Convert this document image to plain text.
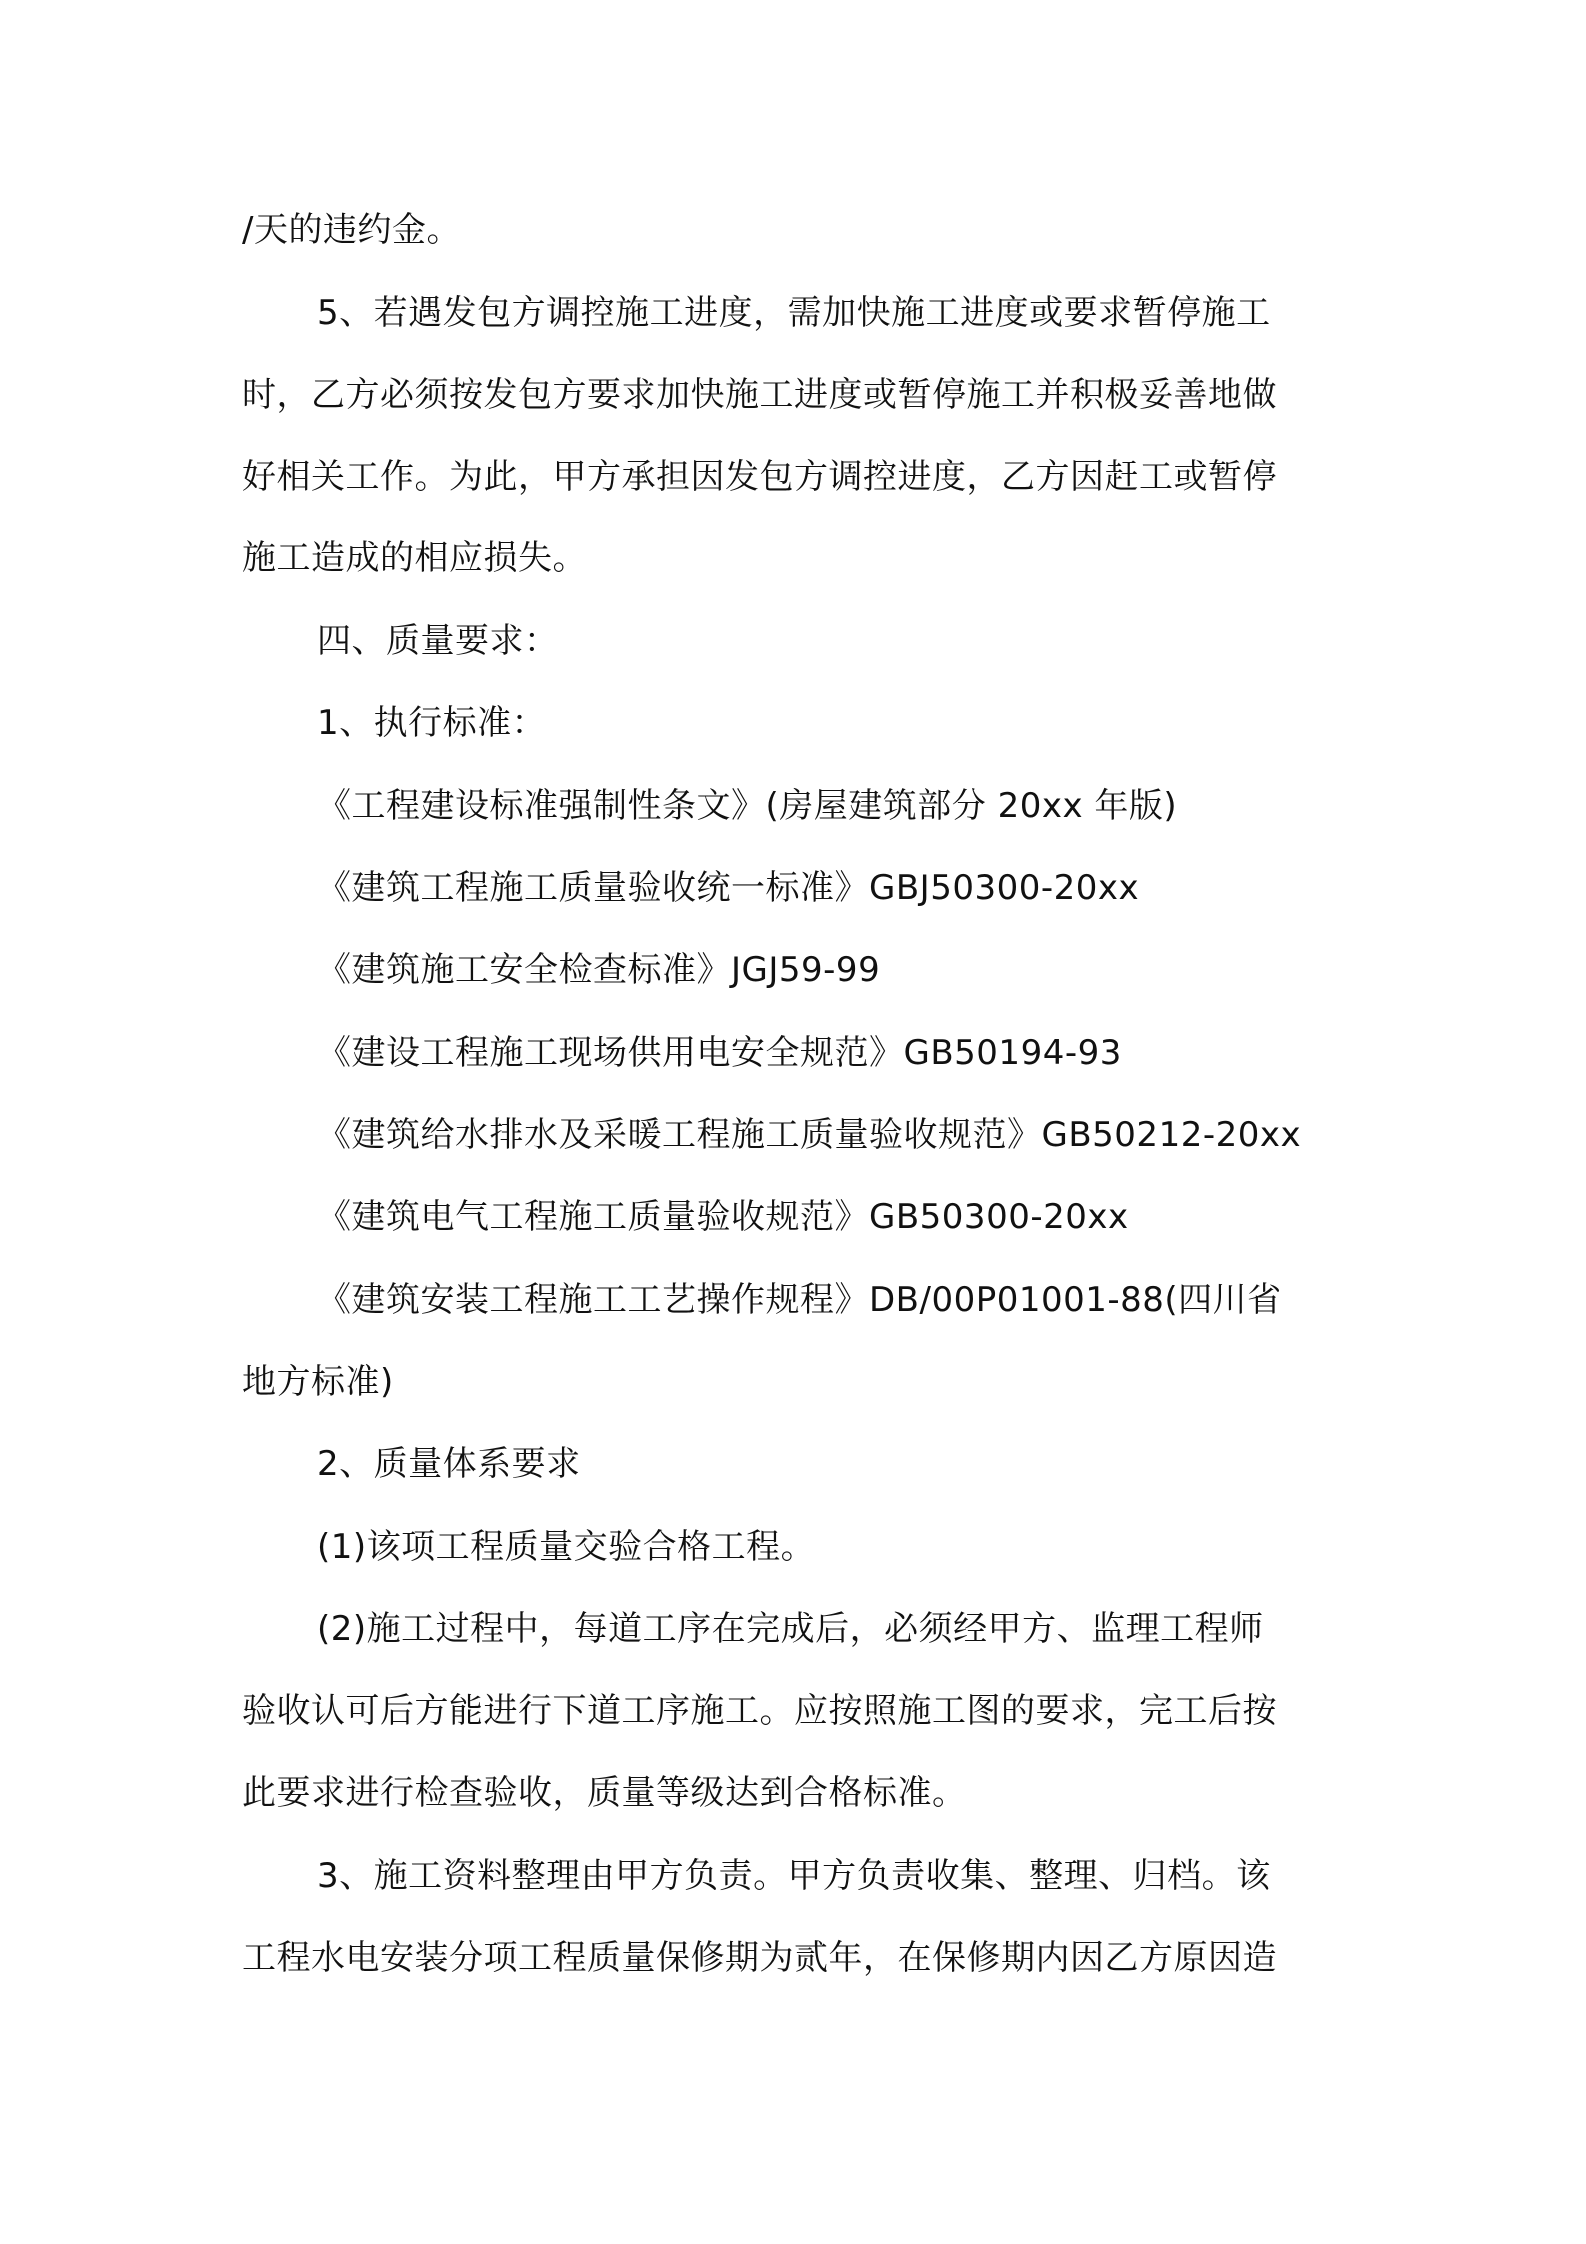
/天的违约金。
5、若遇发包方调控施工进度，需加快施工进度或要求暂停施工
时，乙方必须按发包方要求加快施工进度或暂停施工并积极妥善地做
好相关工作。为此，甲方承担因发包方调控进度，乙方因赶工或暂停
施工造成的相应损失。
四、质量要求：
1、执行标准：
《工程建设标准强制性条文》(房屋建筑部分 20xx 年版)
《建筑工程施工质量验收统一标准》GBJ50300-20xx
《建筑施工安全检查标准》JGJ59-99
《建设工程施工现场供用电安全规范》GB50194-93
《建筑给水排水及采暖工程施工质量验收规范》GB50212-20xx
《建筑电气工程施工质量验收规范》GB50300-20xx
《建筑安装工程施工工艺操作规程》DB/00P01001-88(四川省
地方标准)
2、质量体系要求
(1)该项工程质量交验合格工程。
(2)施工过程中，每道工序在完成后，必须经甲方、监理工程师
验收认可后方能进行下道工序施工。应按照施工图的要求，完工后按
此要求进行检查验收，质量等级达到合格标准。
3、施工资料整理由甲方负责。甲方负责收集、整理、归档。该
工程水电安装分项工程质量保修期为贰年，在保修期内因乙方原因造
